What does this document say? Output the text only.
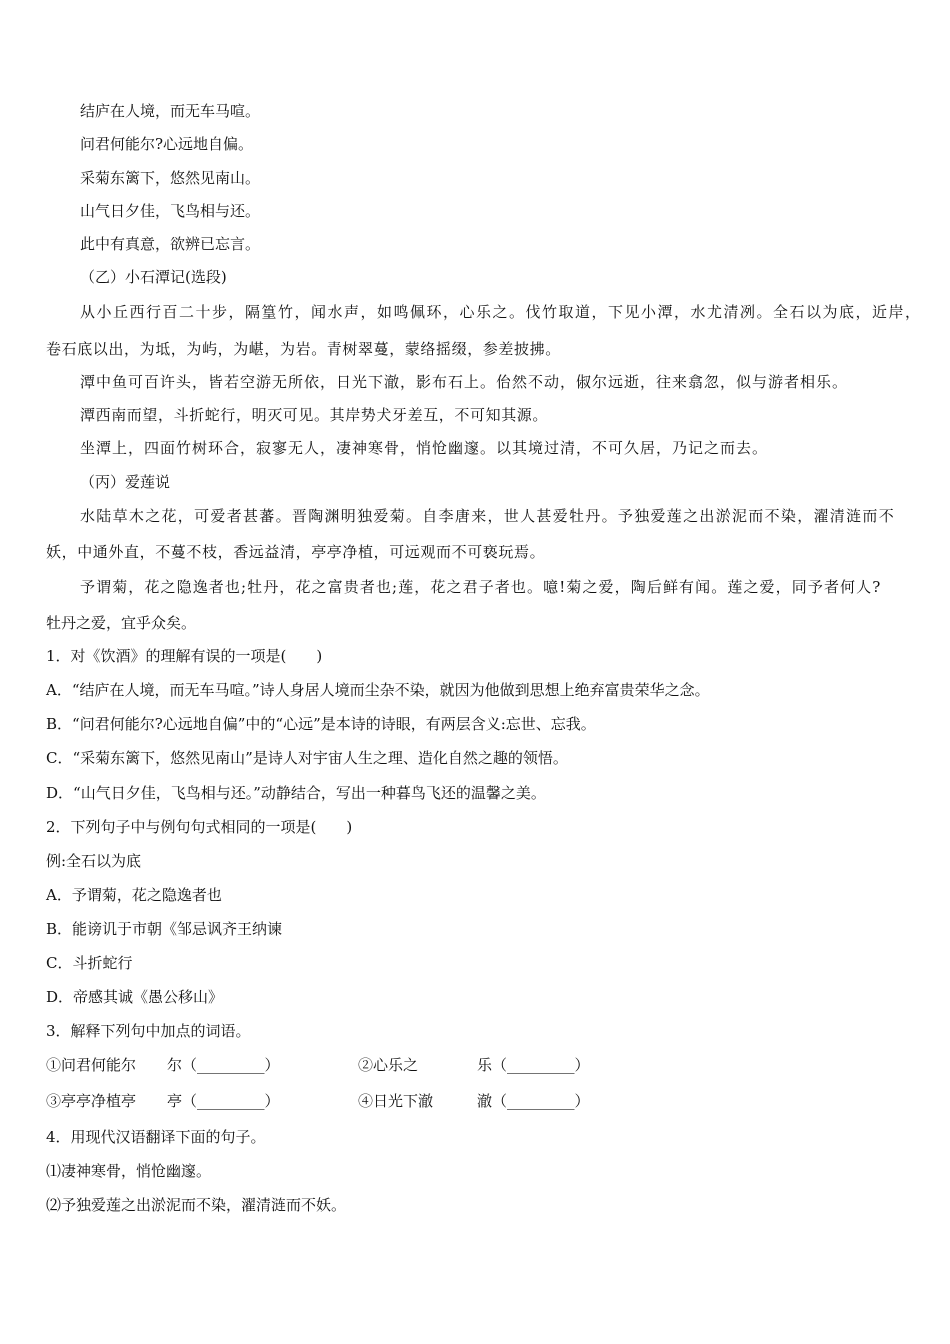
结庐在人境，而无车马喧。
问君何能尔?心远地自偏。
采菊东篱下，悠然见南山。
山气日夕佳，飞鸟相与还。
此中有真意，欲辨已忘言。
（乙）小石潭记(选段)
从小丘西行百二十步，隔篁竹，闻水声，如鸣佩环，心乐之。伐竹取道，下见小潭，水尤清冽。全石以为底，近岸，
卷石底以出，为坻，为屿，为嵁，为岩。青树翠蔓，蒙络摇缀，参差披拂。
潭中鱼可百许头，皆若空游无所依，日光下澈，影布石上。佁然不动，俶尔远逝，往来翕忽，似与游者相乐。
潭西南而望，斗折蛇行，明灭可见。其岸势犬牙差互，不可知其源。
坐潭上，四面竹树环合，寂寥无人，凄神寒骨，悄怆幽邃。以其境过清，不可久居，乃记之而去。
（丙）爱莲说
水陆草木之花，可爱者甚蕃。晋陶渊明独爱菊。自李唐来，世人甚爱牡丹。予独爱莲之出淤泥而不染，濯清涟而不
妖，中通外直，不蔓不枝，香远益清，亭亭净植，可远观而不可亵玩焉。
予谓菊，花之隐逸者也;牡丹，花之富贵者也;莲，花之君子者也。噫!菊之爱，陶后鲜有闻。莲之爱，同予者何人?
牡丹之爱，宜乎众矣。
1．对《饮酒》的理解有误的一项是(　　)
A．“结庐在人境，而无车马喧。”诗人身居人境而尘杂不染，就因为他做到思想上绝弃富贵荣华之念。
B．“问君何能尔?心远地自偏”中的“心远”是本诗的诗眼，有两层含义:忘世、忘我。
C．“采菊东篱下，悠然见南山”是诗人对宇宙人生之理、造化自然之趣的领悟。
D．“山气日夕佳，飞鸟相与还。”动静结合，写出一种暮鸟飞还的温馨之美。
2．下列句子中与例句句式相同的一项是(　　)
例:全石以为底
A．予谓菊，花之隐逸者也
B．能谤讥于市朝《邹忌讽齐王纳谏
C．斗折蛇行
D．帝感其诚《愚公移山》
3．解释下列句中加点的词语。
①问君何能尔 尔（_________）	②心乐之	乐（_________）
③亭亭净植亭 亭（_________）	④日光下澈	澈（_________）
4．用现代汉语翻译下面的句子。
⑴凄神寒骨，悄怆幽邃。
⑵予独爱莲之出淤泥而不染，濯清涟而不妖。
